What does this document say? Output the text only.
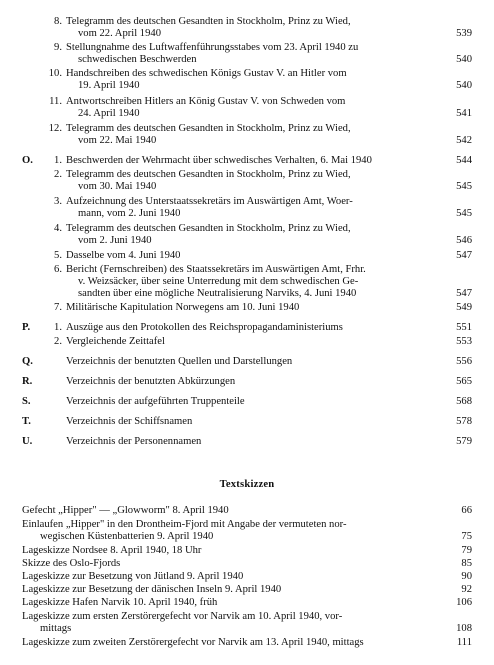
8. Telegramm des deutschen Gesandten in Stockholm, Prinz zu Wied,
vom 22. April 1940	539
9. Stellungnahme des Luftwaffenführungsstabes vom 23. April 1940 zu
schwedischen Beschwerden	540
10. Handschreiben des schwedischen Königs Gustav V. an Hitler vom
19. April 1940	540
11. Antwortschreiben Hitlers an König Gustav V. von Schweden vom
24. April 1940	541
12. Telegramm des deutschen Gesandten in Stockholm, Prinz zu Wied,
vom 22. Mai 1940	542
O.	1. Beschwerden der Wehrmacht über schwedisches Verhalten, 6. Mai 1940	544
2. Telegramm des deutschen Gesandten in Stockholm, Prinz zu Wied,
vom 30. Mai 1940	545
3. Aufzeichnung des Unterstaatssekretärs im Auswärtigen Amt, Woer-
mann, vom 2. Juni 1940	545
4. Telegramm des deutschen Gesandten in Stockholm, Prinz zu Wied,
vom 2. Juni 1940	546
5. Dasselbe vom 4. Juni 1940	547
6. Bericht (Fernschreiben) des Staatssekretärs im Auswärtigen Amt, Frhr.
v. Weizsäcker, über seine Unterredung mit dem schwedischen Ge-
sandten über eine mögliche Neutralisierung Narviks, 4. Juni 1940	547
7. Militärische Kapitulation Norwegens am 10. Juni 1940	549
P.	1. Auszüge aus den Protokollen des Reichspropagandaministeriums	551
2. Vergleichende Zeittafel	553
Q.	Verzeichnis der benutzten Quellen und Darstellungen	556
R.	Verzeichnis der benutzten Abkürzungen	565
S.	Verzeichnis der aufgeführten Truppenteile	568
T.	Verzeichnis der Schiffsnamen	578
U.	Verzeichnis der Personennamen	579
Textskizzen
Gefecht „Hipper" — „Glowworm" 8. April 1940	66
Einlaufen „Hipper" in den Drontheim-Fjord mit Angabe der vermuteten nor-
wegischen Küstenbatterien 9. April 1940	75
Lageskizze Nordsee 8. April 1940, 18 Uhr	79
Skizze des Oslo-Fjords	85
Lageskizze zur Besetzung von Jütland 9. April 1940	90
Lageskizze zur Besetzung der dänischen Inseln 9. April 1940	92
Lageskizze Hafen Narvik 10. April 1940, früh	106
Lageskizze zum ersten Zerstörergefecht vor Narvik am 10. April 1940, vor-
mittags	108
Lageskizze zum zweiten Zerstörergefecht vor Narvik am 13. April 1940, mittags	111
